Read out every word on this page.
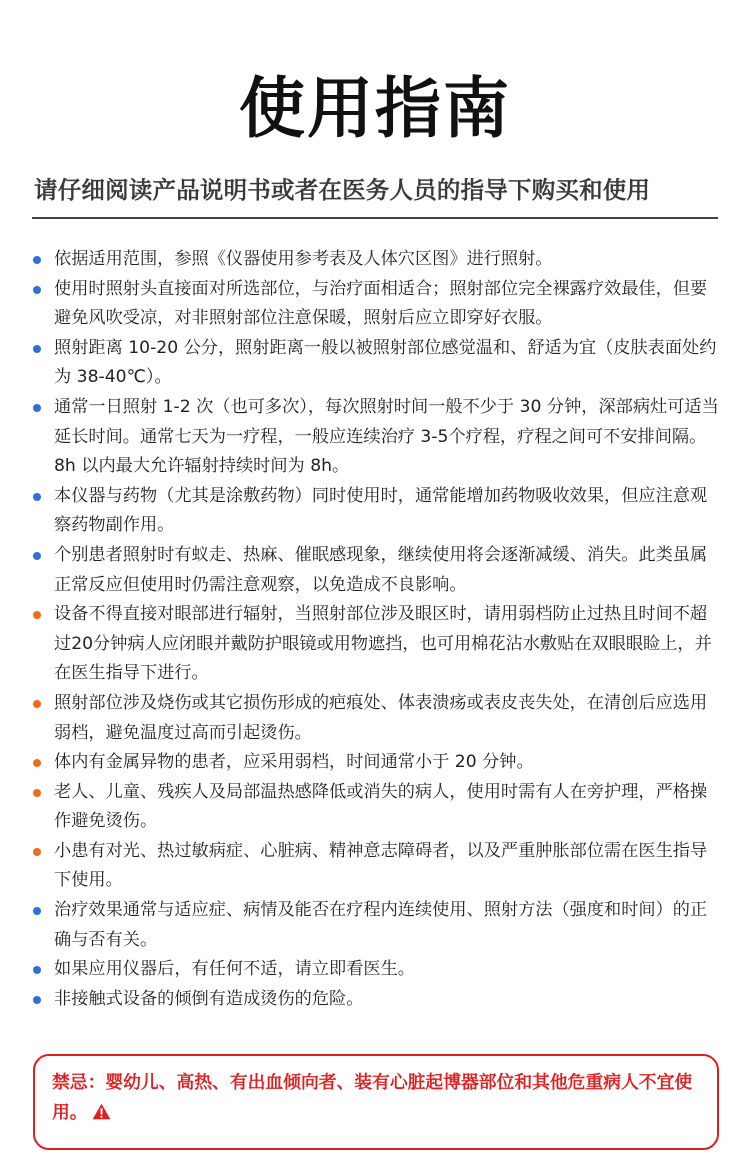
使用指南
请仔细阅读产品说明书或者在医务人员的指导下购买和使用
依据适用范围，参照《仪器使用参考表及人体穴区图》进行照射。
使用时照射头直接面对所选部位，与治疗面相适合；照射部位完全裸露疗效最佳，但要避免风吹受凉，对非照射部位注意保暖，照射后应立即穿好衣服。
照射距离 10-20 公分，照射距离一般以被照射部位感觉温和、舒适为宜（皮肤表面处约为 38-40℃）。
通常一日照射 1-2 次（也可多次），每次照射时间一般不少于 30 分钟，深部病灶可适当延长时间。通常七天为一疗程，一般应连续治疗 3-5个疗程，疗程之间可不安排间隔。8h 以内最大允许辐射持续时间为 8h。
本仪器与药物（尤其是涂敷药物）同时使用时，通常能增加药物吸收效果，但应注意观察药物副作用。
个别患者照射时有蚁走、热麻、催眠感现象，继续使用将会逐渐减缓、消失。此类虽属正常反应但使用时仍需注意观察，以免造成不良影响。
设备不得直接对眼部进行辐射，当照射部位涉及眼区时，请用弱档防止过热且时间不超过20分钟病人应闭眼并戴防护眼镜或用物遮挡，也可用棉花沾水敷贴在双眼眼睑上，并在医生指导下进行。
照射部位涉及烧伤或其它损伤形成的疤痕处、体表溃疡或表皮丧失处，在清创后应选用弱档，避免温度过高而引起烫伤。
体内有金属异物的患者，应采用弱档，时间通常小于 20 分钟。
老人、儿童、残疾人及局部温热感降低或消失的病人，使用时需有人在旁护理，严格操作避免烫伤。
小患有对光、热过敏病症、心脏病、精神意志障碍者，以及严重肿胀部位需在医生指导下使用。
治疗效果通常与适应症、病情及能否在疗程内连续使用、照射方法（强度和时间）的正确与否有关。
如果应用仪器后，有任何不适，请立即看医生。
非接触式设备的倾倒有造成烫伤的危险。
禁忌：婴幼儿、高热、有出血倾向者、装有心脏起博器部位和其他危重病人不宜使用。
